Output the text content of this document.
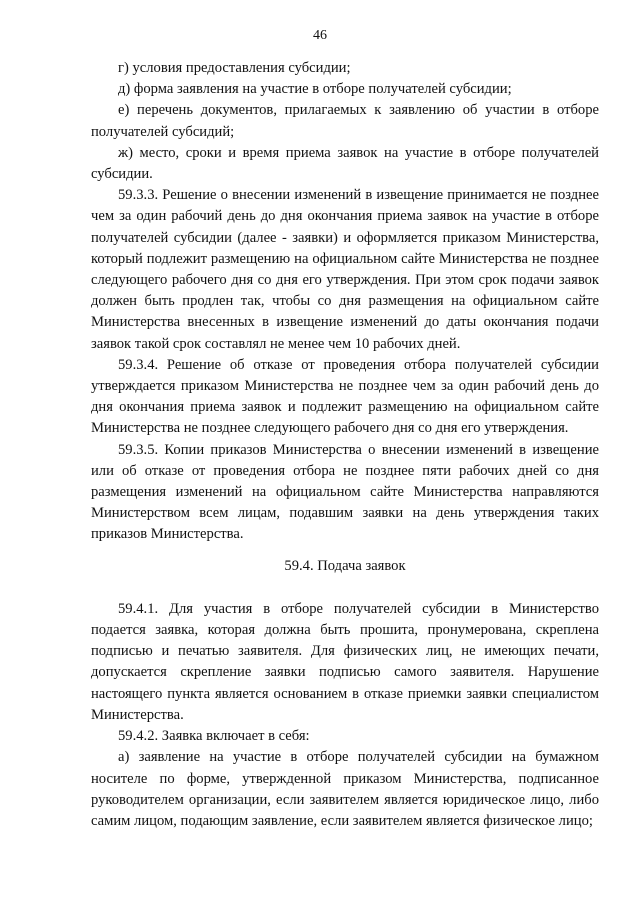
46

г) условия предоставления субсидии;

д) форма заявления на участие в отборе получателей субсидии;

е) перечень документов, прилагаемых к заявлению об участии в отборе получателей субсидий;

ж) место, сроки и время приема заявок на участие в отборе получателей субсидии.

59.3.3. Решение о внесении изменений в извещение принимается не позднее чем за один рабочий день до дня окончания приема заявок на участие в отборе получателей субсидии (далее - заявки) и оформляется приказом Министерства, который подлежит размещению на официальном сайте Министерства не позднее следующего рабочего дня со дня его утверждения. При этом срок подачи заявок должен быть продлен так, чтобы со дня размещения на официальном сайте Министерства внесенных в извещение изменений до даты окончания подачи заявок такой срок составлял не менее чем 10 рабочих дней.

59.3.4. Решение об отказе от проведения отбора получателей субсидии утверждается приказом Министерства не позднее чем за один рабочий день до дня окончания приема заявок и подлежит размещению на официальном сайте Министерства не позднее следующего рабочего дня со дня его утверждения.

59.3.5. Копии приказов Министерства о внесении изменений в извещение или об отказе от проведения отбора не позднее пяти рабочих дней со дня размещения изменений на официальном сайте Министерства направляются Министерством всем лицам, подавшим заявки на день утверждения таких приказов Министерства.

59.4. Подача заявок

59.4.1. Для участия в отборе получателей субсидии в Министерство подается заявка, которая должна быть прошита, пронумерована, скреплена подписью и печатью заявителя. Для физических лиц, не имеющих печати, допускается скрепление заявки подписью самого заявителя. Нарушение настоящего пункта является основанием в отказе приемки заявки специалистом Министерства.

59.4.2. Заявка включает в себя:

а) заявление на участие в отборе получателей субсидии на бумажном носителе по форме, утвержденной приказом Министерства, подписанное руководителем организации, если заявителем является юридическое лицо, либо самим лицом, подающим заявление, если заявителем является физическое лицо;
